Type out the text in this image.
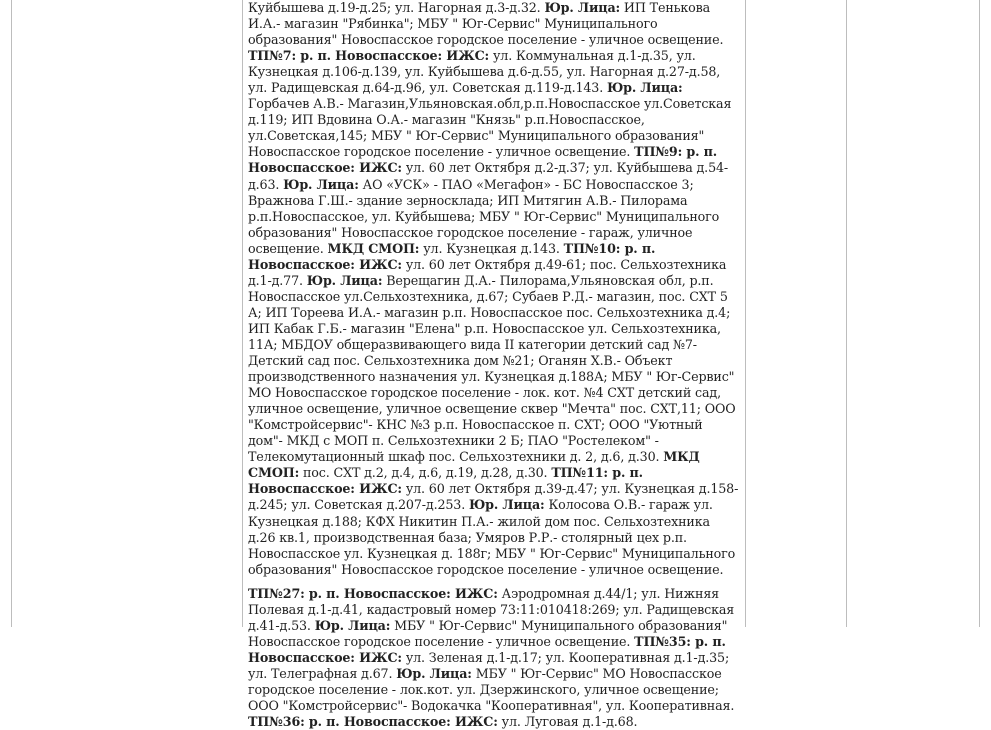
Куйбышева д.19-д.25; ул. Нагорная д.3-д.32. Юр. Лица: ИП Тенькова И.А.- магазин "Рябинка"; МБУ " Юг-Сервис" Муниципального образования" Новоспасское городское поселение - уличное освещение. ТП№7: р. п. Новоспасское: ИЖС: ул. Коммунальная д.1-д.35, ул. Кузнецкая д.106-д.139, ул. Куйбышева д.6-д.55, ул. Нагорная д.27-д.58, ул. Радищевская д.64-д.96, ул. Советская д.119-д.143. Юр. Лица: Горбачев А.В.- Магазин,Ульяновская.обл,р.п.Новоспасское ул.Советская д.119; ИП Вдовина О.А.- магазин "Князь" р.п.Новоспасское, ул.Советская,145; МБУ " Юг-Сервис" Муниципального образования" Новоспасское городское поселение - уличное освещение. ТП№9: р. п. Новоспасское: ИЖС: ул. 60 лет Октября д.2-д.37; ул. Куйбышева д.54-д.63. Юр. Лица: АО «УСК» - ПАО «Мегафон» - БС Новоспасское 3; Вражнова Г.Ш.- здание зерносклада; ИП Митягин А.В.- Пилорама р.п.Новоспасское, ул. Куйбышева; МБУ " Юг-Сервис" Муниципального образования" Новоспасское городское поселение - гараж, уличное освещение. МКД СМОП: ул. Кузнецкая д.143. ТП№10: р. п. Новоспасское: ИЖС: ул. 60 лет Октября д.49-61; пос. Сельхозтехника д.1-д.77. Юр. Лица: Верещагин Д.А.- Пилорама,Ульяновская обл, р.п. Новоспасское ул.Сельхозтехника, д.67; Субаев Р.Д.- магазин, пос. СХТ 5 А; ИП Тореева И.А.- магазин р.п. Новоспасское пос. Сельхозтехника д.4; ИП Кабак Г.Б.- магазин "Елена" р.п. Новоспасское ул. Сельхозтехника, 11А; МБДОУ общеразвивающего вида II категории детский сад №7- Детский сад пос. Сельхозтехника дом №21; Оганян Х.В.- Объект производственного назначения ул. Кузнецкая д.188А; МБУ " Юг-Сервис" МО Новоспасское городское поселение - лок. кот. №4 СХТ детский сад, уличное освещение, уличное освещение сквер "Мечта" пос. СХТ,11; ООО "Комстройсервис"- КНС №3 р.п. Новоспасское п. СХТ; ООО "Уютный дом"- МКД с МОП п. Сельхозтехники 2 Б; ПАО "Ростелеком" - Телекомутационный шкаф пос. Сельхозтехники д. 2, д.6, д.30. МКД СМОП: пос. СХТ д.2, д.4, д.6, д.19, д.28, д.30. ТП№11: р. п. Новоспасское: ИЖС: ул. 60 лет Октября д.39-д.47; ул. Кузнецкая д.158-д.245; ул. Советская д.207-д.253. Юр. Лица: Колосова О.В.- гараж ул. Кузнецкая д.188; КФХ Никитин П.А.- жилой дом пос. Сельхозтехника д.26 кв.1, производственная база; Умяров Р.Р.- столярный цех р.п. Новоспасское ул. Кузнецкая д. 188г; МБУ " Юг-Сервис" Муниципального образования" Новоспасское городское поселение - уличное освещение.

ТП№27: р. п. Новоспасское: ИЖС: Аэродромная д.44/1; ул. Нижняя Полевая д.1-д.41, кадастровый номер 73:11:010418:269; ул. Радищевская д.41-д.53. Юр. Лица: МБУ " Юг-Сервис" Муниципального образования" Новоспасское городское поселение - уличное освещение. ТП№35: р. п. Новоспасское: ИЖС: ул. Зеленая д.1-д.17; ул. Кооперативная д.1-д.35; ул. Телеграфная д.67. Юр. Лица: МБУ " Юг-Сервис" МО Новоспасское городское поселение - лок.кот. ул. Дзержинского, уличное освещение; ООО "Комстройсервис"- Водокачка "Кооперативная", ул. Кооперативная. ТП№36: р. п. Новоспасское: ИЖС: ул. Луговая д.1-д.68.
